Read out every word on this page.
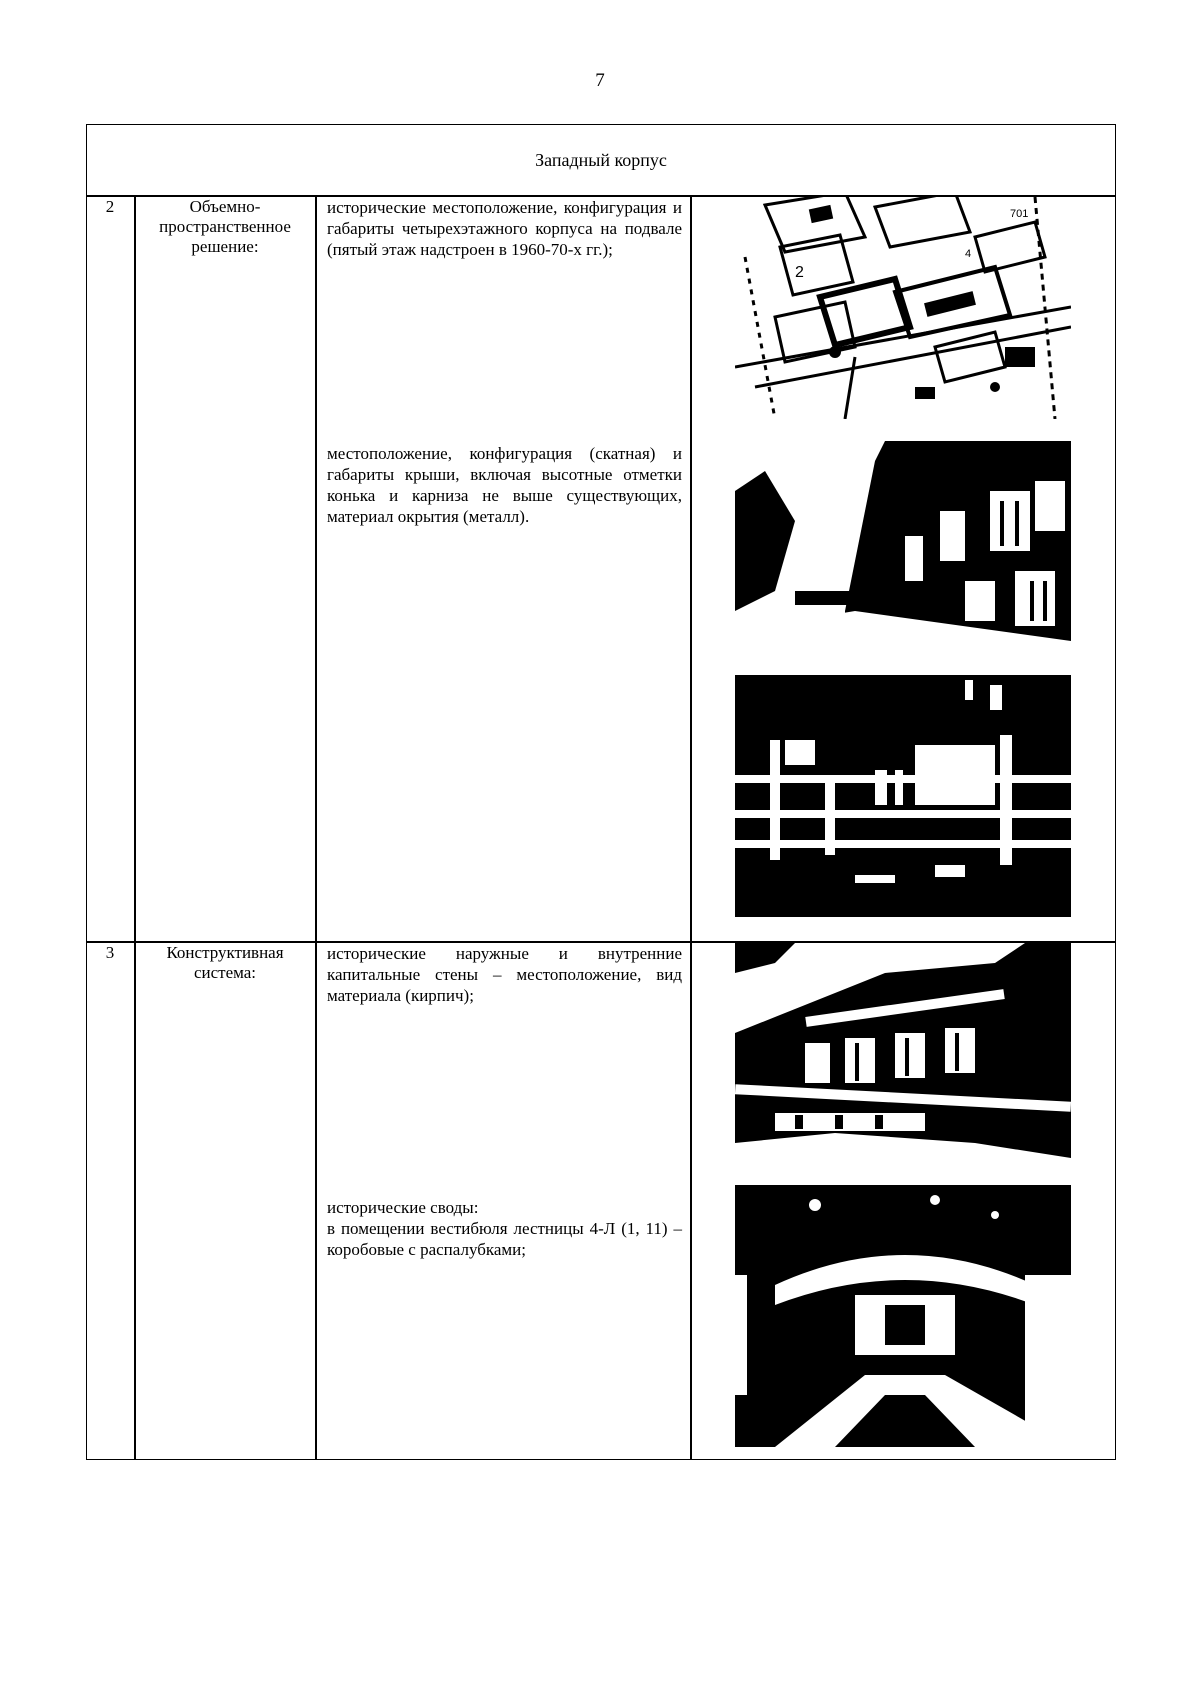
7
Западный корпус
2	Объемно-пространственное решение:
исторические местоположение, конфигурация и габариты четырехэтажного корпуса на подвале (пятый этаж надстроен в 1960-70-х гг.);
местоположение, конфигурация (скатная) и габариты крыши, включая высотные отметки конька и карниза не выше существующих, материал окрытия (металл).
3	Конструктивная система:
исторические наружные и внутренние капитальные стены – местоположение, вид материала (кирпич);
исторические своды:
в помещении вестибюля лестницы 4-Л (1, 11) – коробовые с распалубками;
2
701
4
